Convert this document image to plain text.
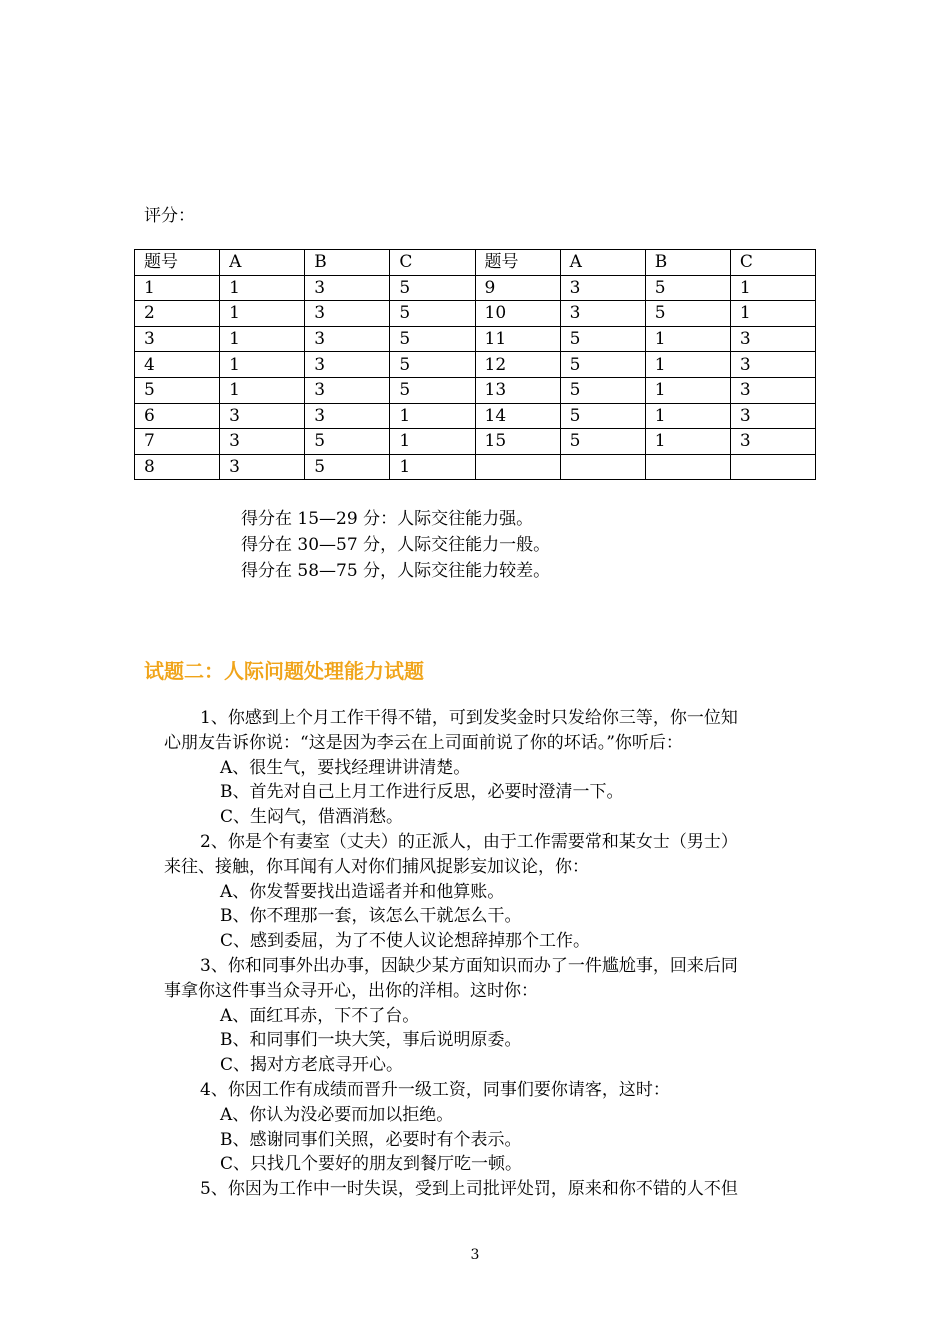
评分：
题号	A	B	C	题号	A	B	C
1	1	3	5	9	3	5	1
2	1	3	5	10	3	5	1
3	1	3	5	11	5	1	3
4	1	3	5	12	5	1	3
5	1	3	5	13	5	1	3
6	3	3	1	14	5	1	3
7	3	5	1	15	5	1	3
8	3	5	1				
得分在 15—29 分：人际交往能力强。
得分在 30—57 分，人际交往能力一般。
得分在 58—75 分，人际交往能力较差。
试题二：人际问题处理能力试题
1、你感到上个月工作干得不错，可到发奖金时只发给你三等，你一位知
心朋友告诉你说：“这是因为李云在上司面前说了你的坏话。”你听后：
A、很生气，要找经理讲讲清楚。
B、首先对自己上月工作进行反思，必要时澄清一下。
C、生闷气，借酒消愁。
2、你是个有妻室（丈夫）的正派人，由于工作需要常和某女士（男士）
来往、接触，你耳闻有人对你们捕风捉影妄加议论，你：
A、你发誓要找出造谣者并和他算账。
B、你不理那一套，该怎么干就怎么干。
C、感到委屈，为了不使人议论想辞掉那个工作。
3、你和同事外出办事，因缺少某方面知识而办了一件尴尬事，回来后同
事拿你这件事当众寻开心，出你的洋相。这时你：
A、面红耳赤，下不了台。
B、和同事们一块大笑，事后说明原委。
C、揭对方老底寻开心。
4、你因工作有成绩而晋升一级工资，同事们要你请客，这时：
A、你认为没必要而加以拒绝。
B、感谢同事们关照，必要时有个表示。
C、只找几个要好的朋友到餐厅吃一顿。
5、你因为工作中一时失误，受到上司批评处罚，原来和你不错的人不但
3
